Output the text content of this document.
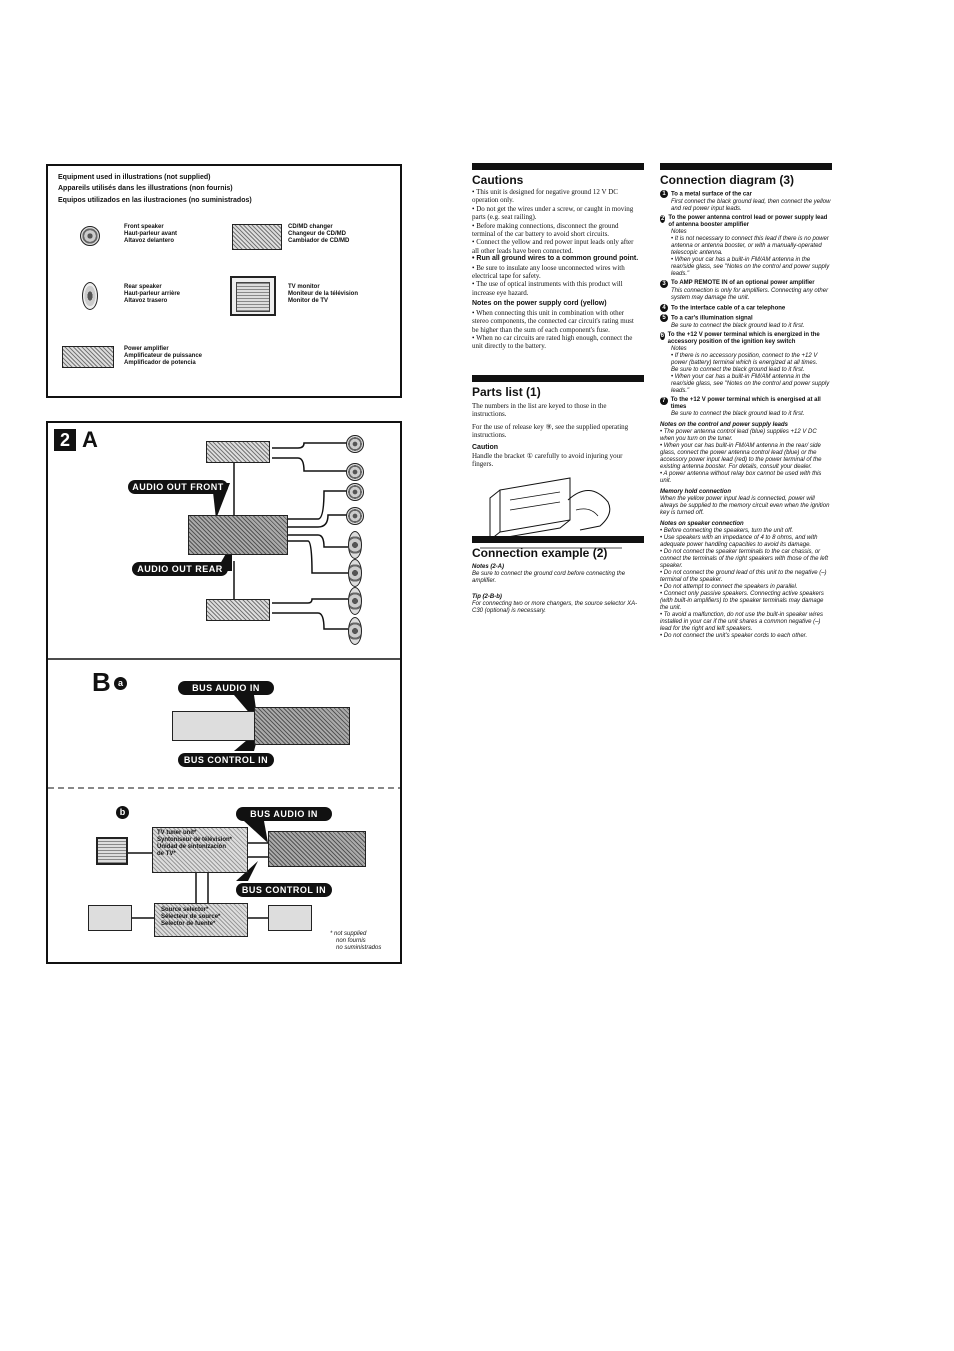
Equipment used in illustrations (not supplied)
Appareils utilisés dans les illustrations (non fournis)
Equipos utilizados en las ilustraciones (no suministrados)
Front speaker
Haut-parleur avant
Altavoz delantero
CD/MD changer
Changeur de CD/MD
Cambiador de CD/MD
Rear speaker
Haut-parleur arrière
Altavoz trasero
TV monitor
Moniteur de la télévision
Monitor de TV
Power amplifier
Amplificateur de puissance
Amplificador de potencia
2 A
AUDIO OUT FRONT
AUDIO OUT REAR
B a	BUS AUDIO IN
BUS CONTROL IN
b	BUS AUDIO IN
TV tuner unit*
Syntoniseur de télévision*
Unidad de sintonización
de TV*
BUS CONTROL IN
Source selector*
Sélecteur de source*
Selector de fuente*
* not supplied
non fournis
no suministrados
Cautions
• This unit is designed for negative ground 12 V DC operation only.
• Do not get the wires under a screw, or caught in moving parts (e.g. seat railing).
• Before making connections, disconnect the ground terminal of the car battery to avoid short circuits.
• Connect the yellow and red power input leads only after all other leads have been connected.
• Run all ground wires to a common ground point.
• Be sure to insulate any loose unconnected wires with electrical tape for safety.
• The use of optical instruments with this product will increase eye hazard.
Notes on the power supply cord (yellow)
• When connecting this unit in combination with other stereo components, the connected car circuit's rating must be higher than the sum of each component's fuse.
• When no car circuits are rated high enough, connect the unit directly to the battery.
Parts list (1)
The numbers in the list are keyed to those in the instructions.
For the use of release key ⑨, see the supplied operating instructions.
Caution
Handle the bracket ① carefully to avoid injuring your fingers.
Connection example (2)
Notes (2-A)
Be sure to connect the ground cord before connecting the amplifier.
Tip (2-B-b)
For connecting two or more changers, the source selector XA-C30 (optional) is necessary.
Connection diagram (3)
1 To a metal surface of the car
First connect the black ground lead, then connect the yellow and red power input leads.
2 To the power antenna control lead or power supply lead of antenna booster amplifier
Notes
• It is not necessary to connect this lead if there is no power antenna or antenna booster, or with a manually-operated telescopic antenna.
• When your car has a built-in FM/AM antenna in the rear/side glass, see "Notes on the control and power supply leads."
3 To AMP REMOTE IN of an optional power amplifier
This connection is only for amplifiers. Connecting any other system may damage the unit.
4 To the interface cable of a car telephone
5 To a car's illumination signal
Be sure to connect the black ground lead to it first.
6 To the +12 V power terminal which is energized in the accessory position of the ignition key switch
Notes
• If there is no accessory position, connect to the +12 V power (battery) terminal which is energized at all times.
Be sure to connect the black ground lead to it first.
• When your car has a built-in FM/AM antenna in the rear/side glass, see "Notes on the control and power supply leads."
7 To the +12 V power terminal which is energised at all times
Be sure to connect the black ground lead to it first.
Notes on the control and power supply leads
• The power antenna control lead (blue) supplies +12 V DC when you turn on the tuner.
• When your car has built-in FM/AM antenna in the rear/ side glass, connect the power antenna control lead (blue) or the accessory power input lead (red) to the power terminal of the existing antenna booster. For details, consult your dealer.
• A power antenna without relay box cannot be used with this unit.
Memory hold connection
When the yellow power input lead is connected, power will always be supplied to the memory circuit even when the ignition key is turned off.
Notes on speaker connection
• Before connecting the speakers, turn the unit off.
• Use speakers with an impedance of 4 to 8 ohms, and with adequate power handling capacities to avoid its damage.
• Do not connect the speaker terminals to the car chassis, or connect the terminals of the right speakers with those of the left speaker.
• Do not connect the ground lead of this unit to the negative (–) terminal of the speaker.
• Do not attempt to connect the speakers in parallel.
• Connect only passive speakers. Connecting active speakers (with built-in amplifiers) to the speaker terminals may damage the unit.
• To avoid a malfunction, do not use the built-in speaker wires installed in your car if the unit shares a common negative (–) lead for the right and left speakers.
• Do not connect the unit's speaker cords to each other.
